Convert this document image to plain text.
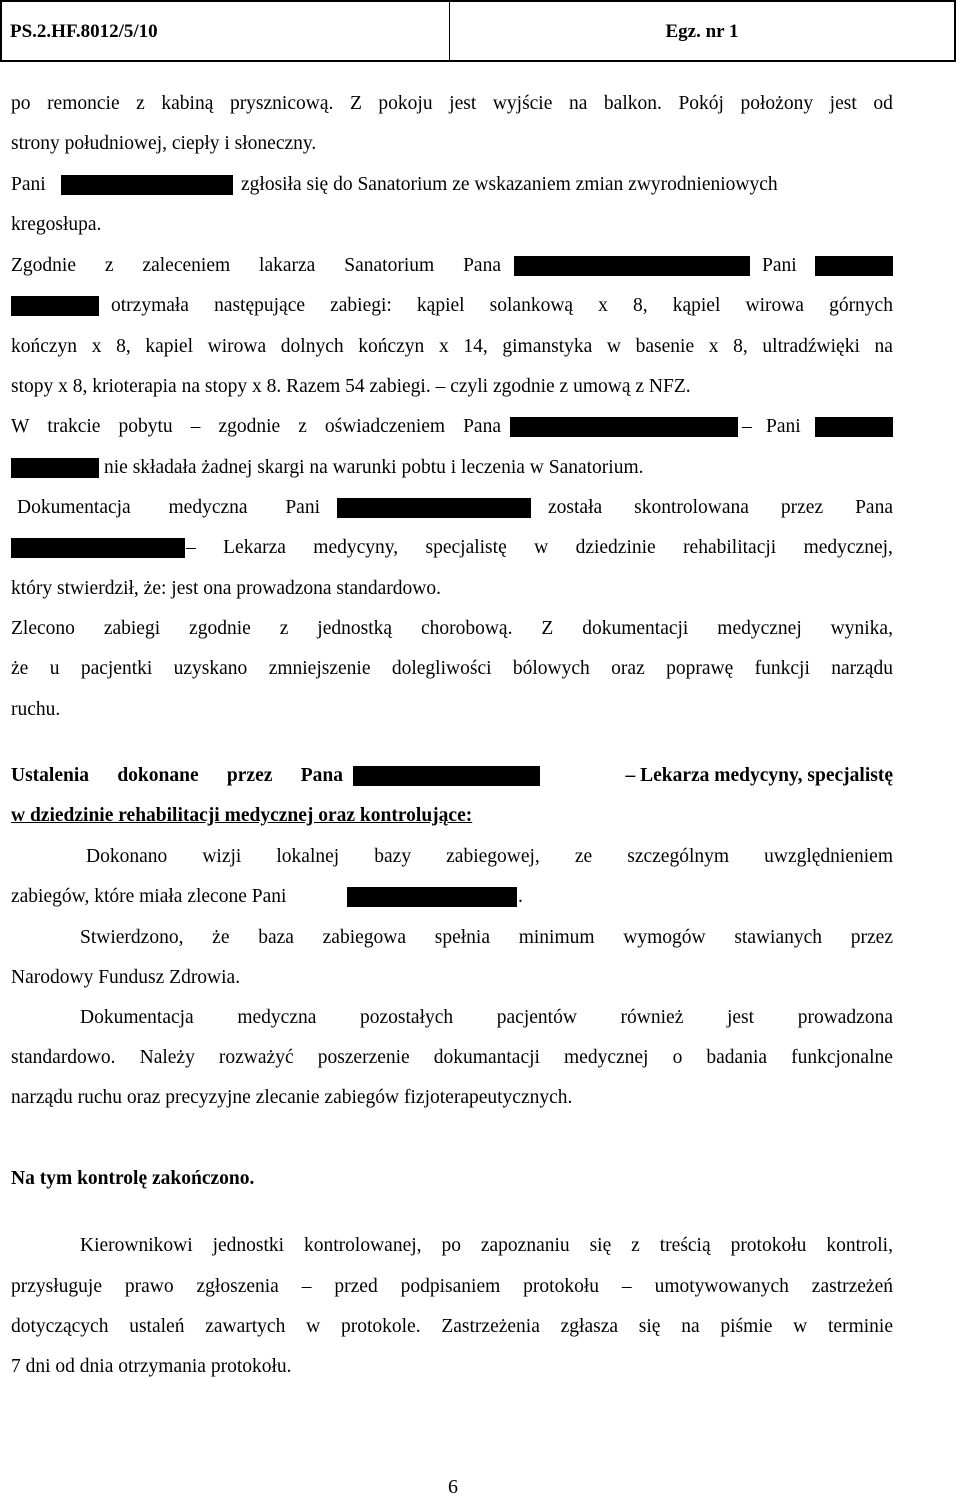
PS.2.HF.8012/5/10	Egz. nr 1
po remoncie z kabiną prysznicową. Z pokoju jest wyjście na balkon. Pokój położony jest od
strony południowej, ciepły i słoneczny.
Pani	zgłosiła się do Sanatorium ze wskazaniem zmian zwyrodnieniowych
kregosłupa.
Zgodnie z zaleceniem lakarza Sanatorium Pana	Pani
otrzymała następujące zabiegi: kąpiel solankową x 8, kąpiel wirowa górnych
kończyn x 8, kapiel wirowa dolnych kończyn x 14, gimanstyka w basenie x 8, ultradźwięki na
stopy x 8, krioterapia na stopy x 8. Razem 54 zabiegi. – czyli zgodnie z umową z NFZ.
W trakcie pobytu – zgodnie z oświadczeniem Pana	– Pani
nie składała żadnej skargi na warunki pobtu i leczenia w Sanatorium.
Dokumentacja medyczna Pani	została skontrolowana przez Pana
– Lekarza medycyny, specjalistę w dziedzinie rehabilitacji medycznej,
który stwierdził, że: jest ona prowadzona standardowo.
Zlecono zabiegi zgodnie z jednostką chorobową. Z dokumentacji medycznej wynika,
że u pacjentki uzyskano zmniejszenie dolegliwości bólowych oraz poprawę funkcji narządu
ruchu.
Ustalenia dokonane przez Pana	– Lekarza medycyny, specjalistę
w dziedzinie rehabilitacji medycznej oraz kontrolujące:
Dokonano wizji lokalnej bazy zabiegowej, ze szczególnym uwzględnieniem
zabiegów, które miała zlecone Pani	.
Stwierdzono, że baza zabiegowa spełnia minimum wymogów stawianych przez
Narodowy Fundusz Zdrowia.
Dokumentacja medyczna pozostałych pacjentów również jest prowadzona
standardowo. Należy rozważyć poszerzenie dokumantacji medycznej o badania funkcjonalne
narządu ruchu oraz precyzyjne zlecanie zabiegów fizjoterapeutycznych.
Na tym kontrolę zakończono.
Kierownikowi jednostki kontrolowanej, po zapoznaniu się z treścią protokołu kontroli,
przysługuje prawo zgłoszenia – przed podpisaniem protokołu – umotywowanych zastrzeżeń
dotyczących ustaleń zawartych w protokole. Zastrzeżenia zgłasza się na piśmie w terminie
7 dni od dnia otrzymania protokołu.
6
